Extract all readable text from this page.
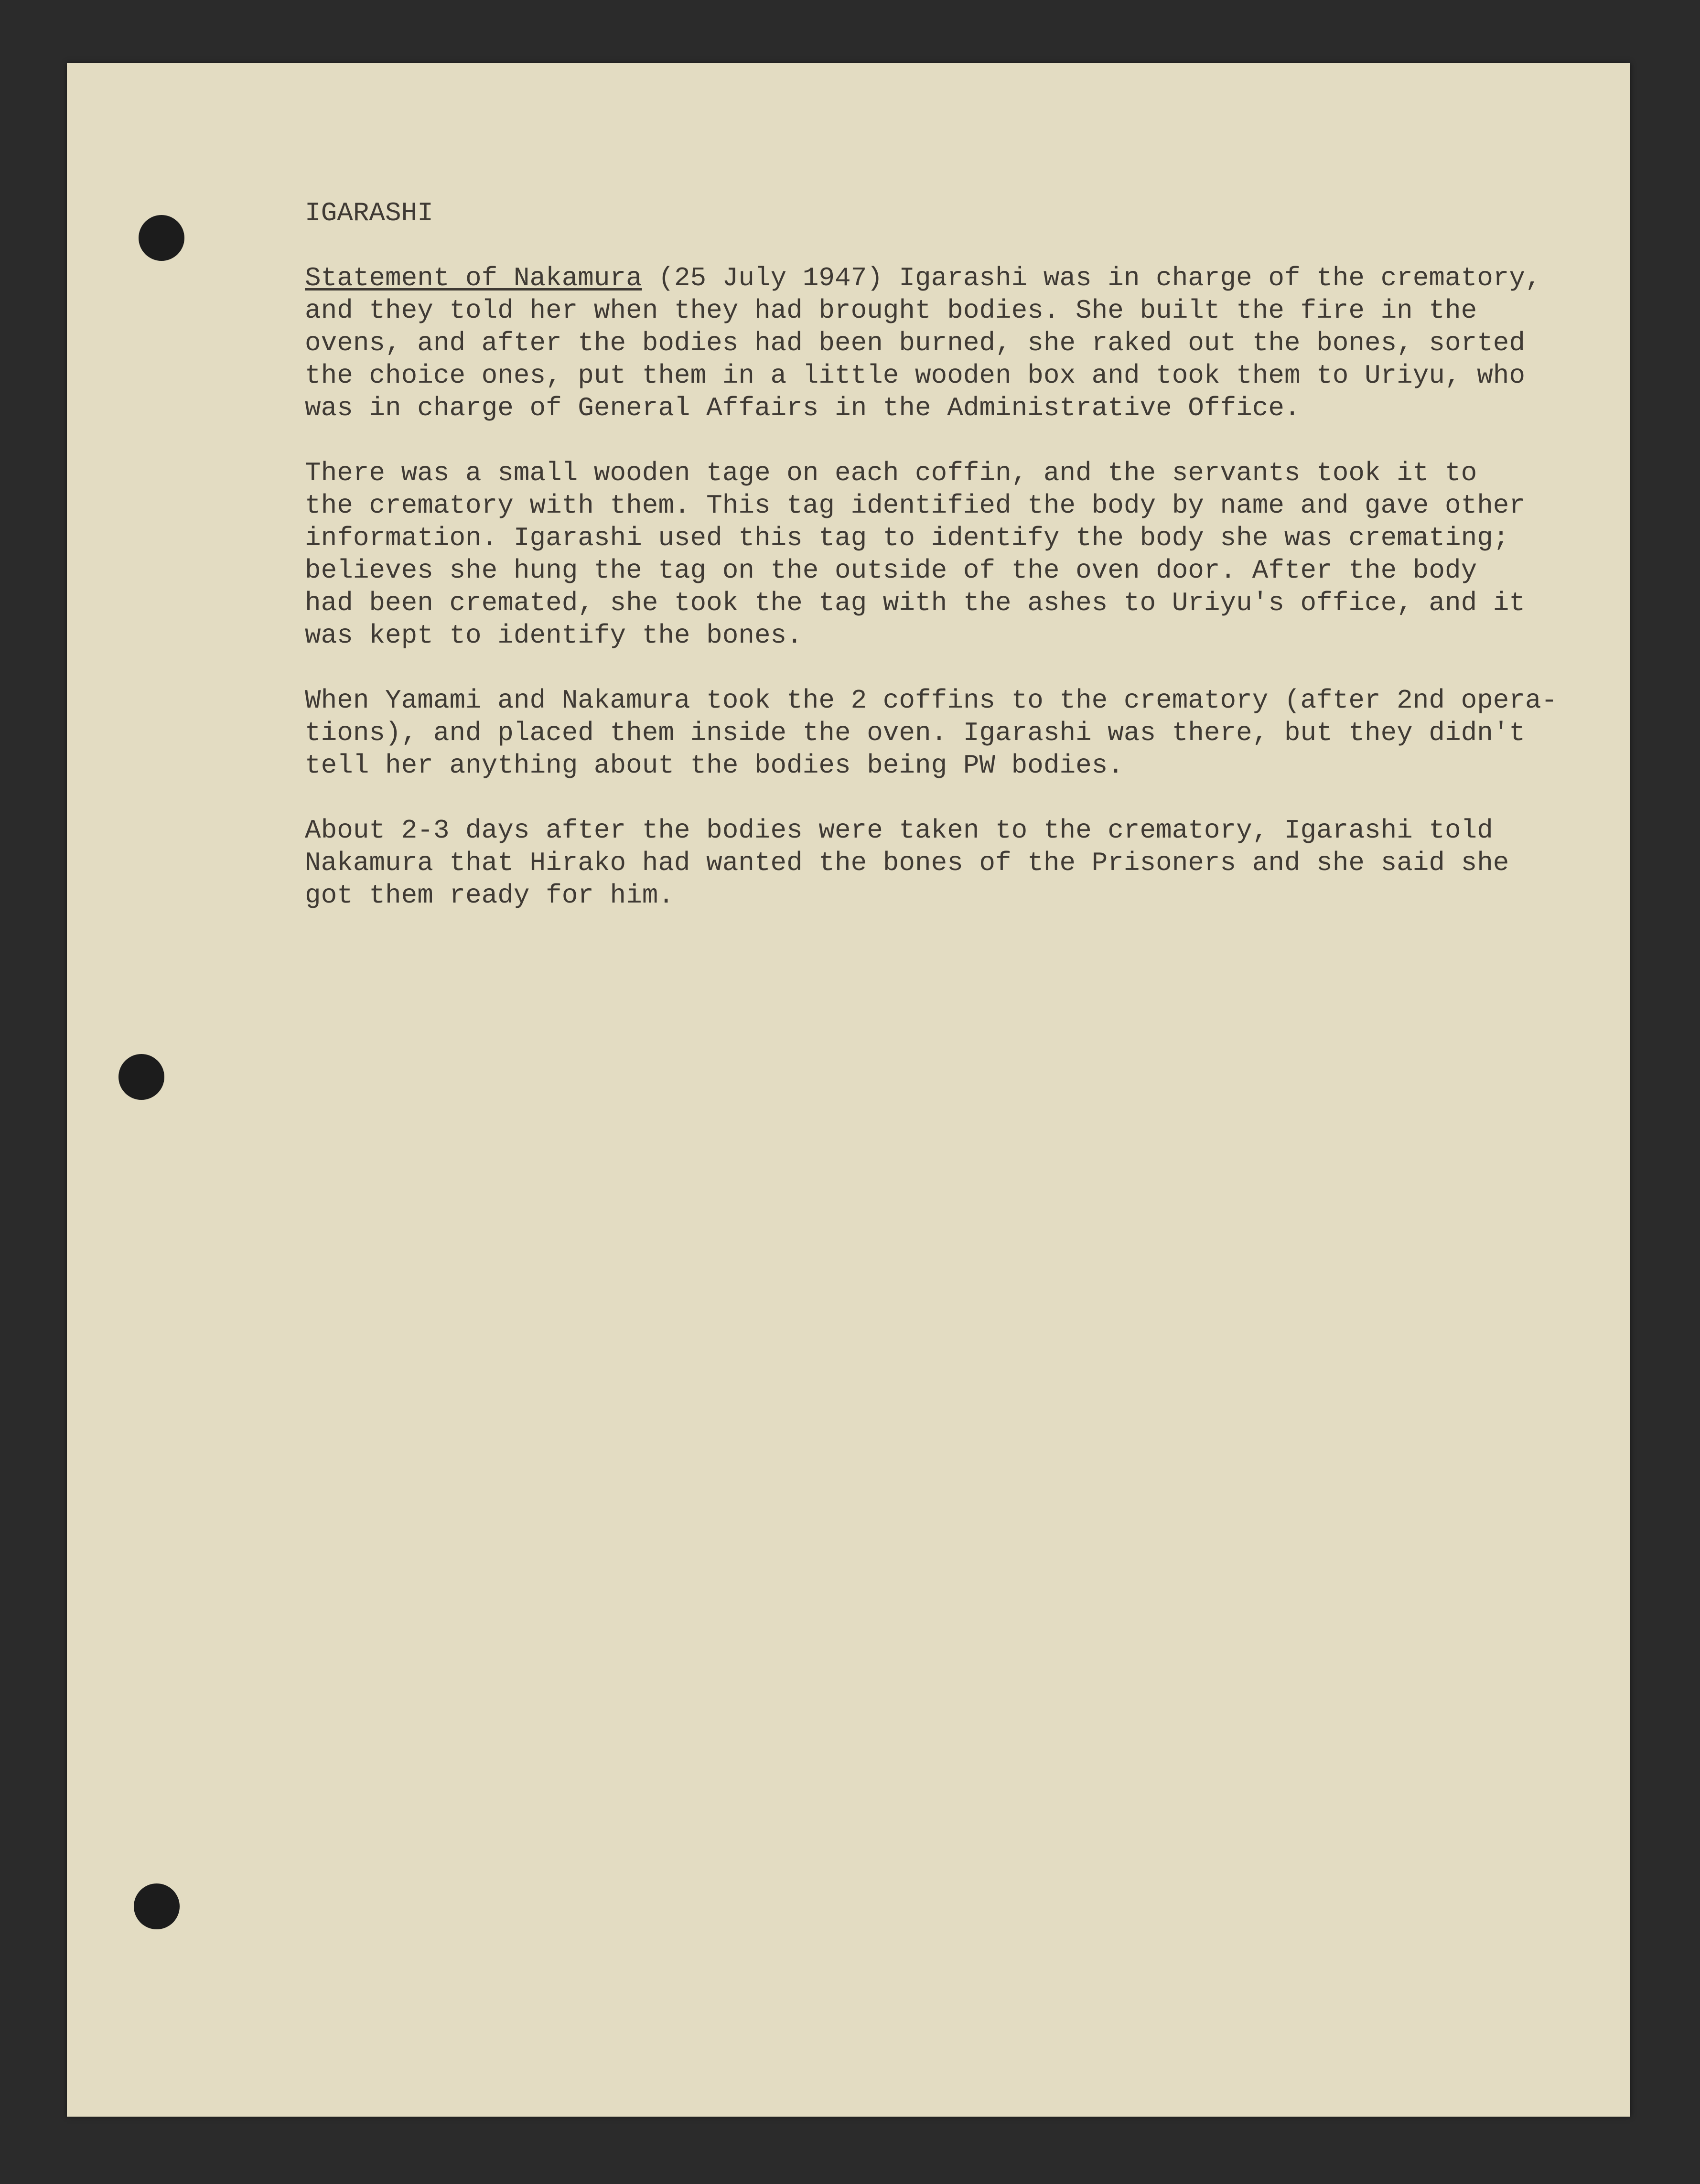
IGARASHI
Statement of Nakamura (25 July 1947) Igarashi was in charge of the crematory,
and they told her when they had brought bodies. She built the fire in the
ovens, and after the bodies had been burned, she raked out the bones, sorted
the choice ones, put them in a little wooden box and took them to Uriyu, who
was in charge of General Affairs in the Administrative Office.
There was a small wooden tage on each coffin, and the servants took it to
the crematory with them. This tag identified the body by name and gave other
information. Igarashi used this tag to identify the body she was cremating;
believes she hung the tag on the outside of the oven door. After the body
had been cremated, she took the tag with the ashes to Uriyu's office, and it
was kept to identify the bones.
When Yamami and Nakamura took the 2 coffins to the crematory (after 2nd opera-
tions), and placed them inside the oven. Igarashi was there, but they didn't
tell her anything about the bodies being PW bodies.
About 2-3 days after the bodies were taken to the crematory, Igarashi told
Nakamura that Hirako had wanted the bones of the Prisoners and she said she
got them ready for him.
